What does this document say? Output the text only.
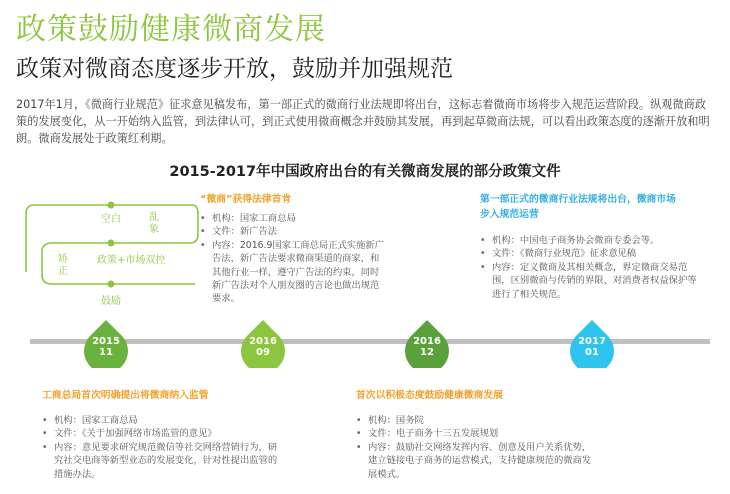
政策鼓励健康微商发展
政策对微商态度逐步开放，鼓励并加强规范
2017年1月，《微商行业规范》征求意见稿发布，第一部正式的微商行业法规即将出台，这标志着微商市场将步入规范运营阶段。纵观微商政策的发展变化，从一开始纳入监管，到法律认可，到正式使用微商概念并鼓励其发展，再到起草微商法规，可以看出政策态度的逐渐开放和明朗。微商发展处于政策红利期。
2015-2017年中国政府出台的有关微商发展的部分政策文件
空白	乱象
政策+市场双控
矫正
鼓励
“微商”获得法律首肯
• 机构：国家工商总局
• 文件：新广告法
• 内容：2016.9国家工商总局正式实施新广告法，新广告法要求微商渠道的商家，和其他行业一样，遵守广告法的约束，同时新广告法对个人朋友圈的言论也做出规范要求。
第一部正式的微商行业法规将出台，微商市场步入规范运营
• 机构：中国电子商务协会微商专委会等。
• 文件：《微商行业规范》征求意见稿
• 内容：定义微商及其相关概念，界定微商交易范围，区别微商与传销的界限，对消费者权益保护等进行了相关规范。
2015
11
2016
09
2016
12
2017
01
工商总局首次明确提出将微商纳入监管
• 机构：国家工商总局
• 文件：《关于加强网络市场监管的意见》
• 内容：意见要求研究规范微信等社交网络营销行为，研究社交电商等新型业态的发展变化，针对性提出监管的措施办法。
首次以积极态度鼓励健康微商发展
• 机构：国务院
• 文件：电子商务十三五发展规划
• 内容：鼓励社交网络发挥内容、创意及用户关系优势，建立链接电子商务的运营模式，支持健康规范的微商发展模式。
